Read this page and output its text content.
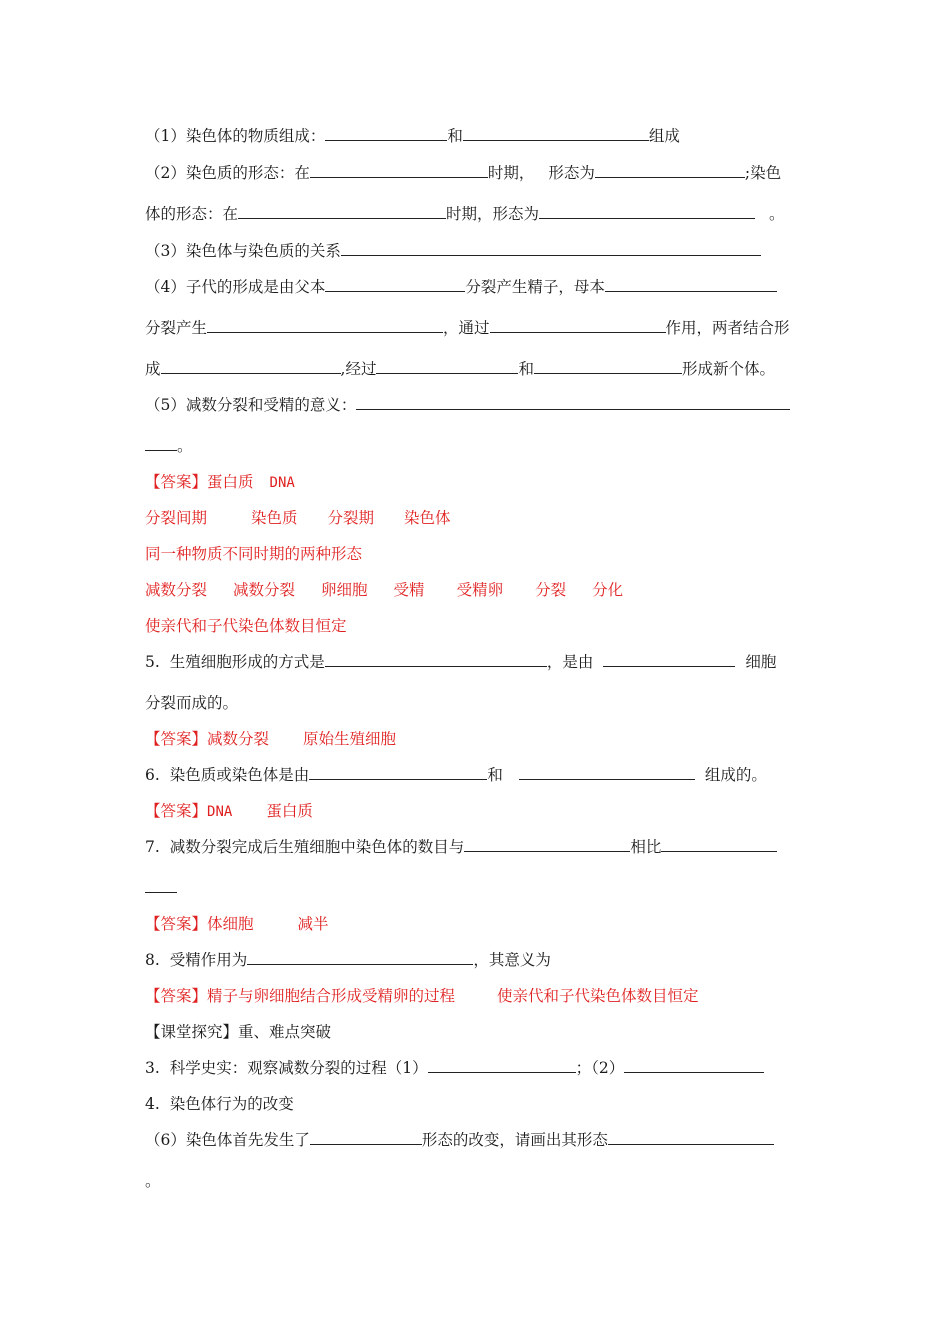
（1）染色体的物质组成：	和	组成
（2）染色质的形态：在	时期， 形态为	;染色
体的形态：在	时期，形态为	。
（3）染色体与染色质的关系
（4）子代的形成是由父本	分裂产生精子，母本
分裂产生	，通过	作用，两者结合形
成	,经过	和	形成新个体。
（5）减数分裂和受精的意义：
。
【答案】蛋白质 DNA
分裂间期	染色质 分裂期 染色体
同一种物质不同时期的两种形态
减数分裂 减数分裂 卵细胞 受精 受精卵 分裂 分化
使亲代和子代染色体数目恒定
5. 生殖细胞形成的方式是	，是由	细胞
分裂而成的。
【答案】减数分裂 原始生殖细胞
6. 染色质或染色体是由	和	组成的。
【答案】DNA 蛋白质
7. 减数分裂完成后生殖细胞中染色体的数目与	相比
【答案】体细胞	减半
8. 受精作用为	，其意义为
【答案】精子与卵细胞结合形成受精卵的过程	使亲代和子代染色体数目恒定
【课堂探究】重、难点突破
3. 科学史实：观察减数分裂的过程（1）	；（2）
4. 染色体行为的改变
（6）染色体首先发生了	形态的改变，请画出其形态
。
